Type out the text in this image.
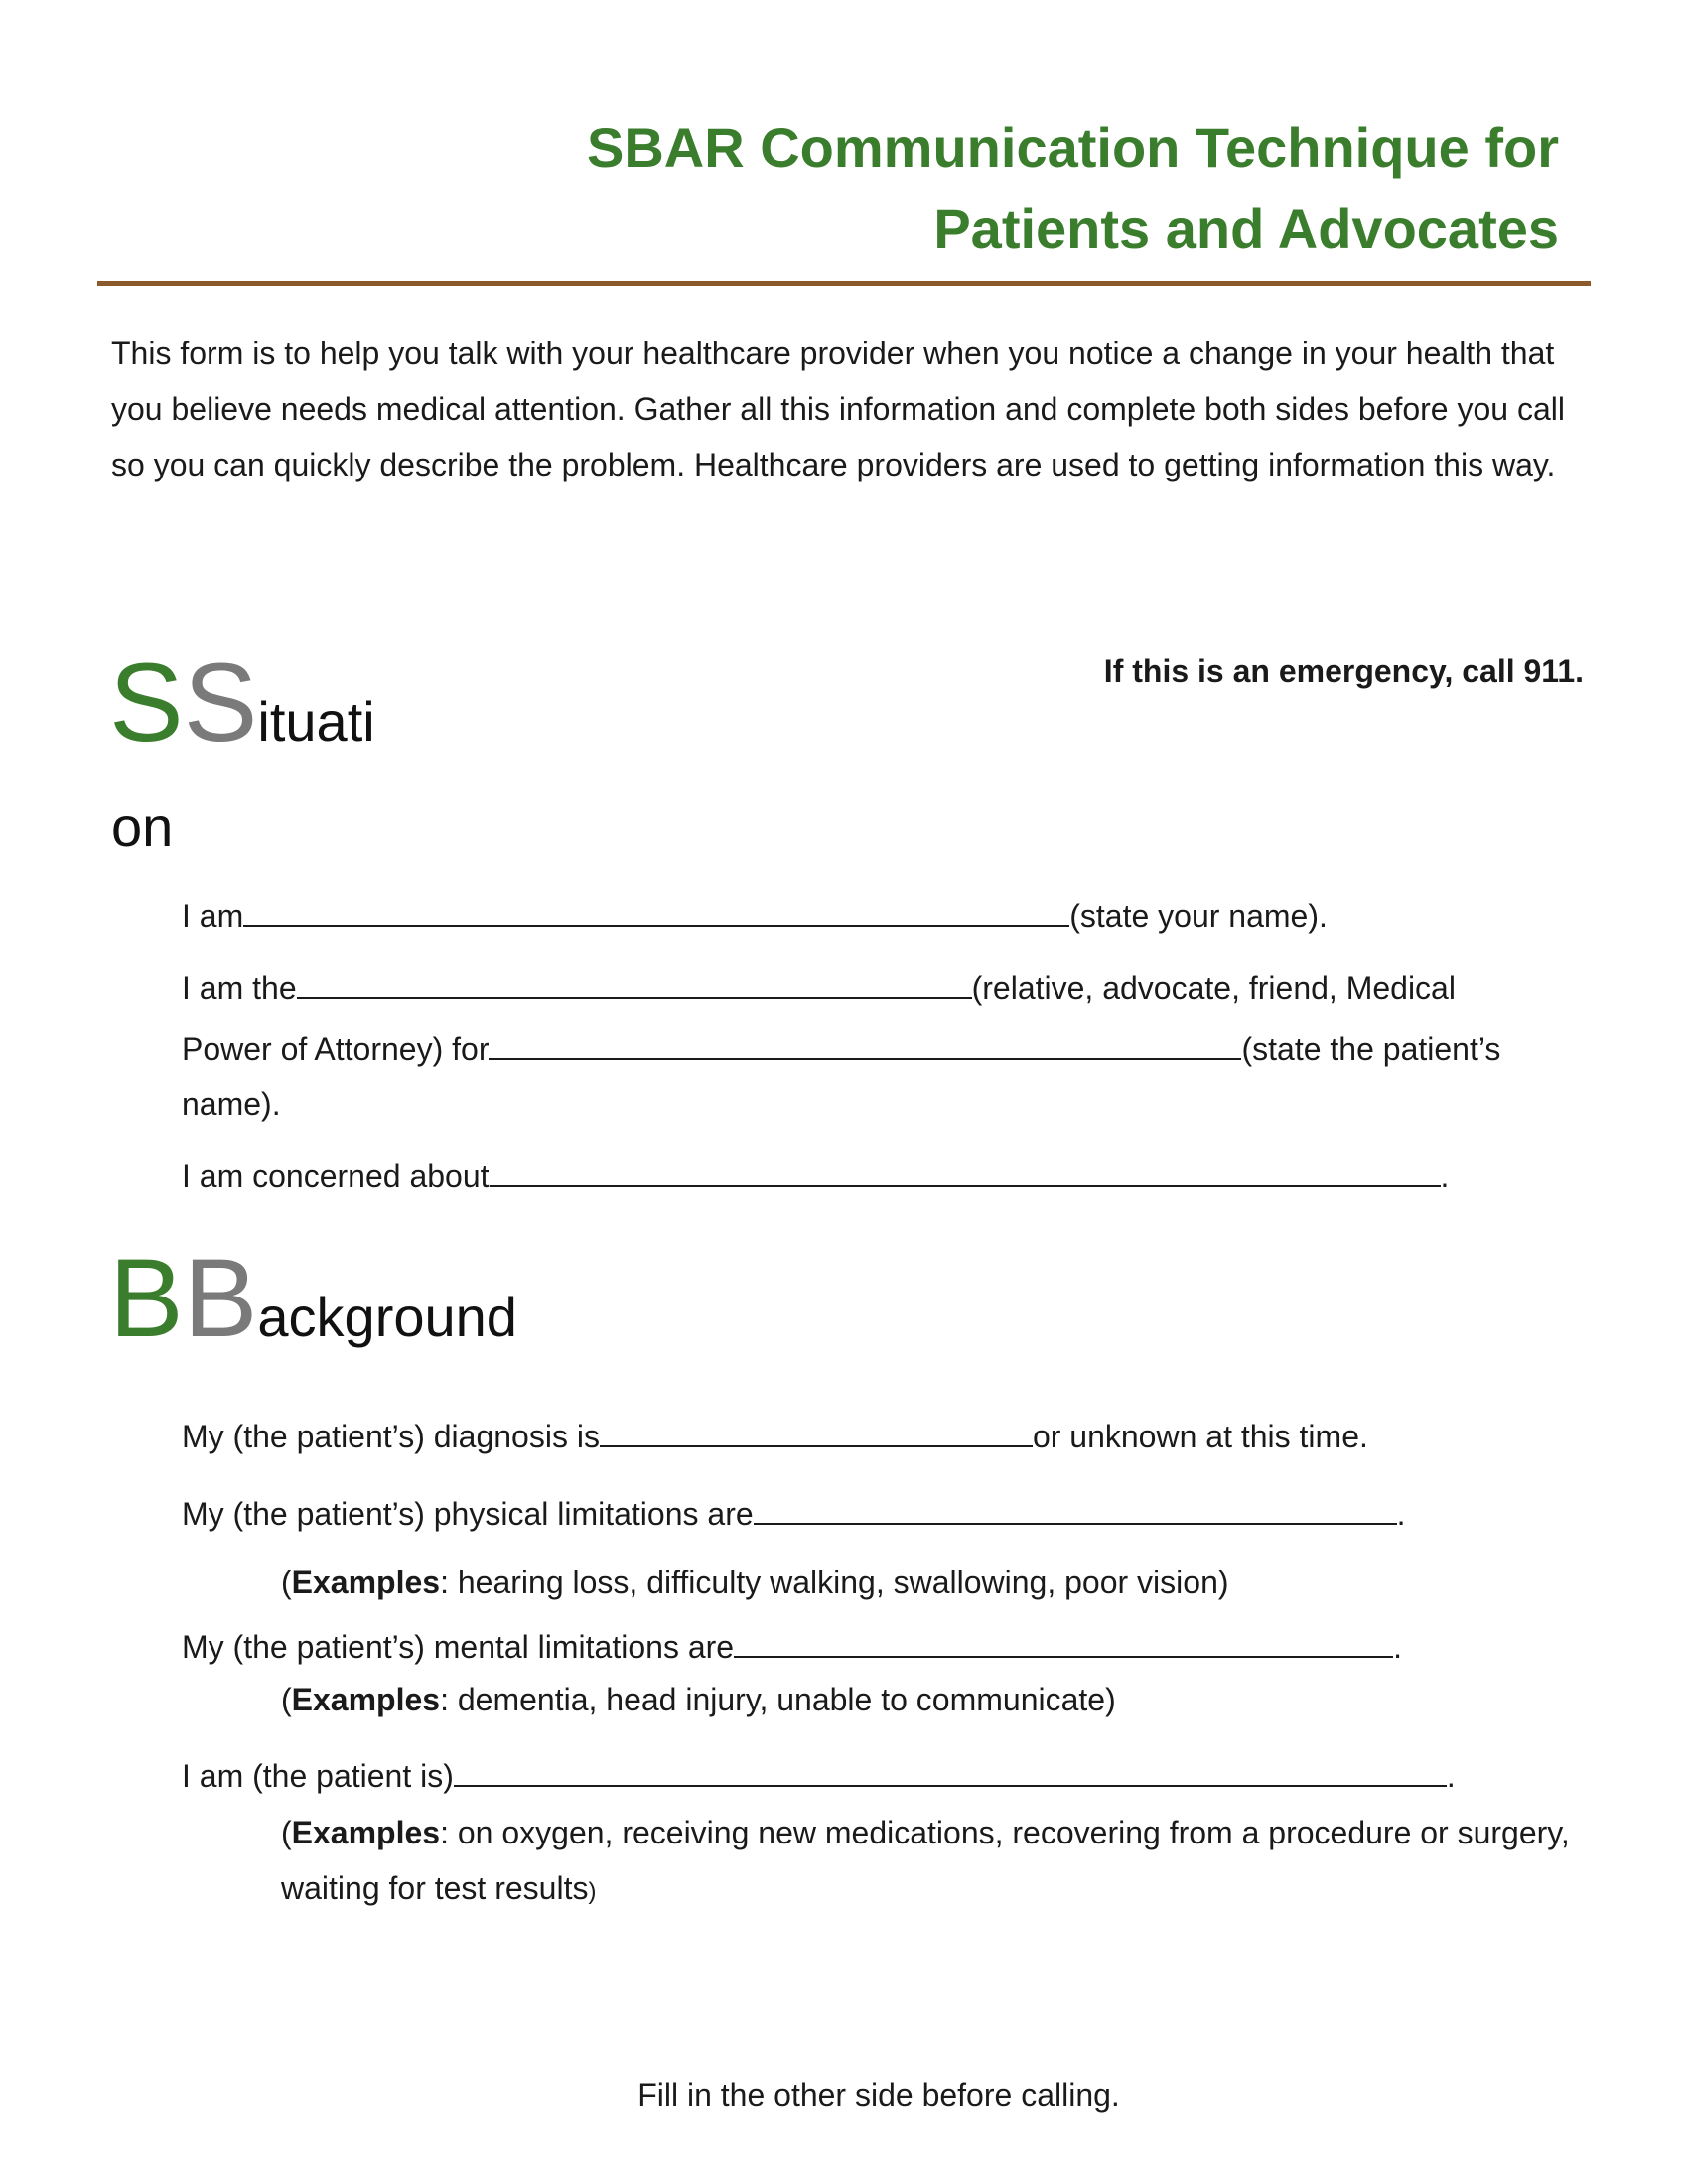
SBAR Communication Technique for
Patients and Advocates

This form is to help you talk with your healthcare provider when you notice a change in your health that you believe needs medical attention. Gather all this information and complete both sides before you call so you can quickly describe the problem. Healthcare providers are used to getting information this way.

If this is an emergency, call 911.
SSituati
on
I am	(state your name).
I am the	(relative, advocate, friend, Medical
Power of Attorney) for	(state the patient’s
name).
I am concerned about	.
BBackground
My (the patient’s) diagnosis is	or unknown at this time.
My (the patient’s) physical limitations are	.
(Examples: hearing loss, difficulty walking, swallowing, poor vision)
My (the patient’s) mental limitations are	.
(Examples: dementia, head injury, unable to communicate)
I am (the patient is)	.
(Examples: on oxygen, receiving new medications, recovering from a procedure or surgery, waiting for test results)
Fill in the other side before calling.
